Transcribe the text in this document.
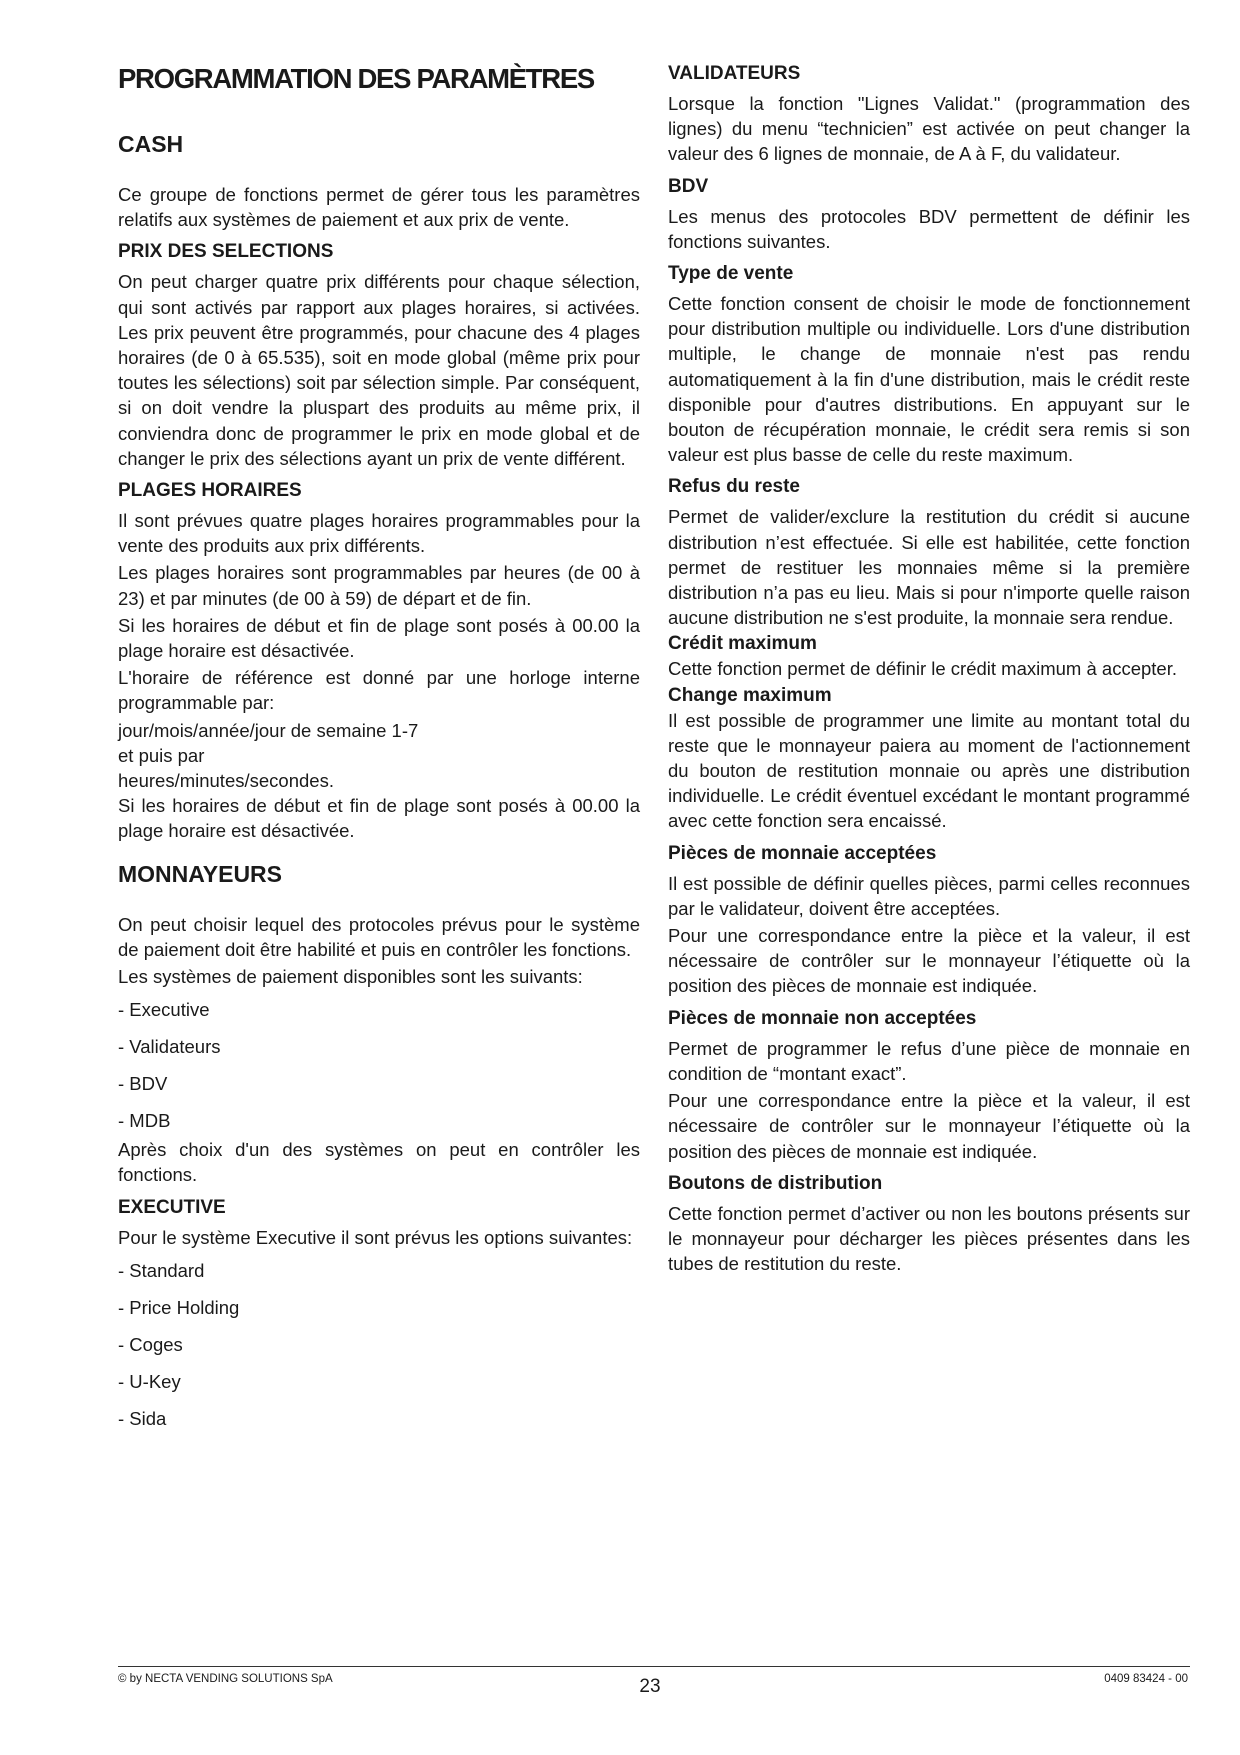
PROGRAMMATION DES PARAMÈTRES
CASH

Ce groupe de fonctions permet de gérer tous les paramètres relatifs aux systèmes de paiement et aux prix de vente.

PRIX DES SELECTIONS

On peut charger quatre prix différents pour chaque sélection, qui sont activés par rapport aux plages horaires, si activées. Les prix peuvent être programmés, pour chacune des 4 plages horaires (de 0 à 65.535), soit en mode global (même prix pour toutes les sélections) soit par sélection simple. Par conséquent, si on doit vendre la pluspart des produits au même prix, il conviendra donc de programmer le prix en mode global et de changer le prix des sélections ayant un prix de vente différent.

PLAGES HORAIRES

Il sont prévues quatre plages horaires programmables pour la vente des produits aux prix différents.

Les plages horaires sont programmables par heures (de 00 à 23) et par minutes (de 00 à 59) de départ et de fin.

Si les horaires de début et fin de plage sont posés à 00.00 la plage horaire est désactivée.

L'horaire de référence est donné par une horloge interne programmable par:

jour/mois/année/jour de semaine 1-7

et puis par

heures/minutes/secondes.

Si les horaires de début et fin de plage sont posés à 00.00 la plage horaire est désactivée.

MONNAYEURS

On peut choisir lequel des protocoles prévus pour le système de paiement doit être habilité et puis en contrôler les fonctions.

Les systèmes de paiement disponibles sont les suivants:

- Executive

- Validateurs

- BDV

- MDB

Après choix d'un des systèmes on peut en contrôler les fonctions.

EXECUTIVE

Pour le système Executive il sont prévus les options suivantes:

- Standard

- Price Holding

- Coges

- U-Key

- Sida

VALIDATEURS

Lorsque la fonction "Lignes Validat." (programmation des lignes) du menu “technicien” est activée on peut changer la valeur des 6 lignes de monnaie, de A à F, du validateur.

BDV

Les menus des protocoles BDV permettent de définir les fonctions suivantes.

Type de vente

Cette fonction consent de choisir le mode de fonctionnement pour distribution multiple ou individuelle. Lors d'une distribution multiple, le change de monnaie n'est pas rendu automatiquement à la fin d'une distribution, mais le crédit reste disponible pour d'autres distributions. En appuyant sur le bouton de récupération monnaie, le crédit sera remis si son valeur est plus basse de celle du reste maximum.

Refus du reste

Permet de valider/exclure la restitution du crédit si aucune distribution n’est effectuée. Si elle est habilitée, cette fonction permet de restituer les monnaies même si la première distribution n’a pas eu lieu. Mais si pour n'importe quelle raison aucune distribution ne s'est produite, la monnaie sera rendue.

Crédit maximum

Cette fonction permet de définir le crédit maximum à accepter.

Change maximum

Il est possible de programmer une limite au montant total du reste que le monnayeur paiera au moment de l'actionnement du bouton de restitution monnaie ou après une distribution individuelle. Le crédit éventuel excédant le montant programmé avec cette fonction sera encaissé.

Pièces de monnaie acceptées

Il est possible de définir quelles pièces, parmi celles reconnues par le validateur, doivent être acceptées.

Pour une correspondance entre la pièce et la valeur, il est nécessaire de contrôler sur le monnayeur l’étiquette où la position des pièces de monnaie est indiquée.

Pièces de monnaie non acceptées

Permet de programmer le refus d’une pièce de monnaie en condition de “montant exact”.

Pour une correspondance entre la pièce et la valeur, il est nécessaire de contrôler sur le monnayeur l’étiquette où la position des pièces de monnaie est indiquée.

Boutons de distribution

Cette fonction permet d’activer ou non les boutons présents sur le monnayeur pour décharger les pièces présentes dans les tubes de restitution du reste.

© by NECTA VENDING SOLUTIONS SpA	23	0409 83424 - 00
